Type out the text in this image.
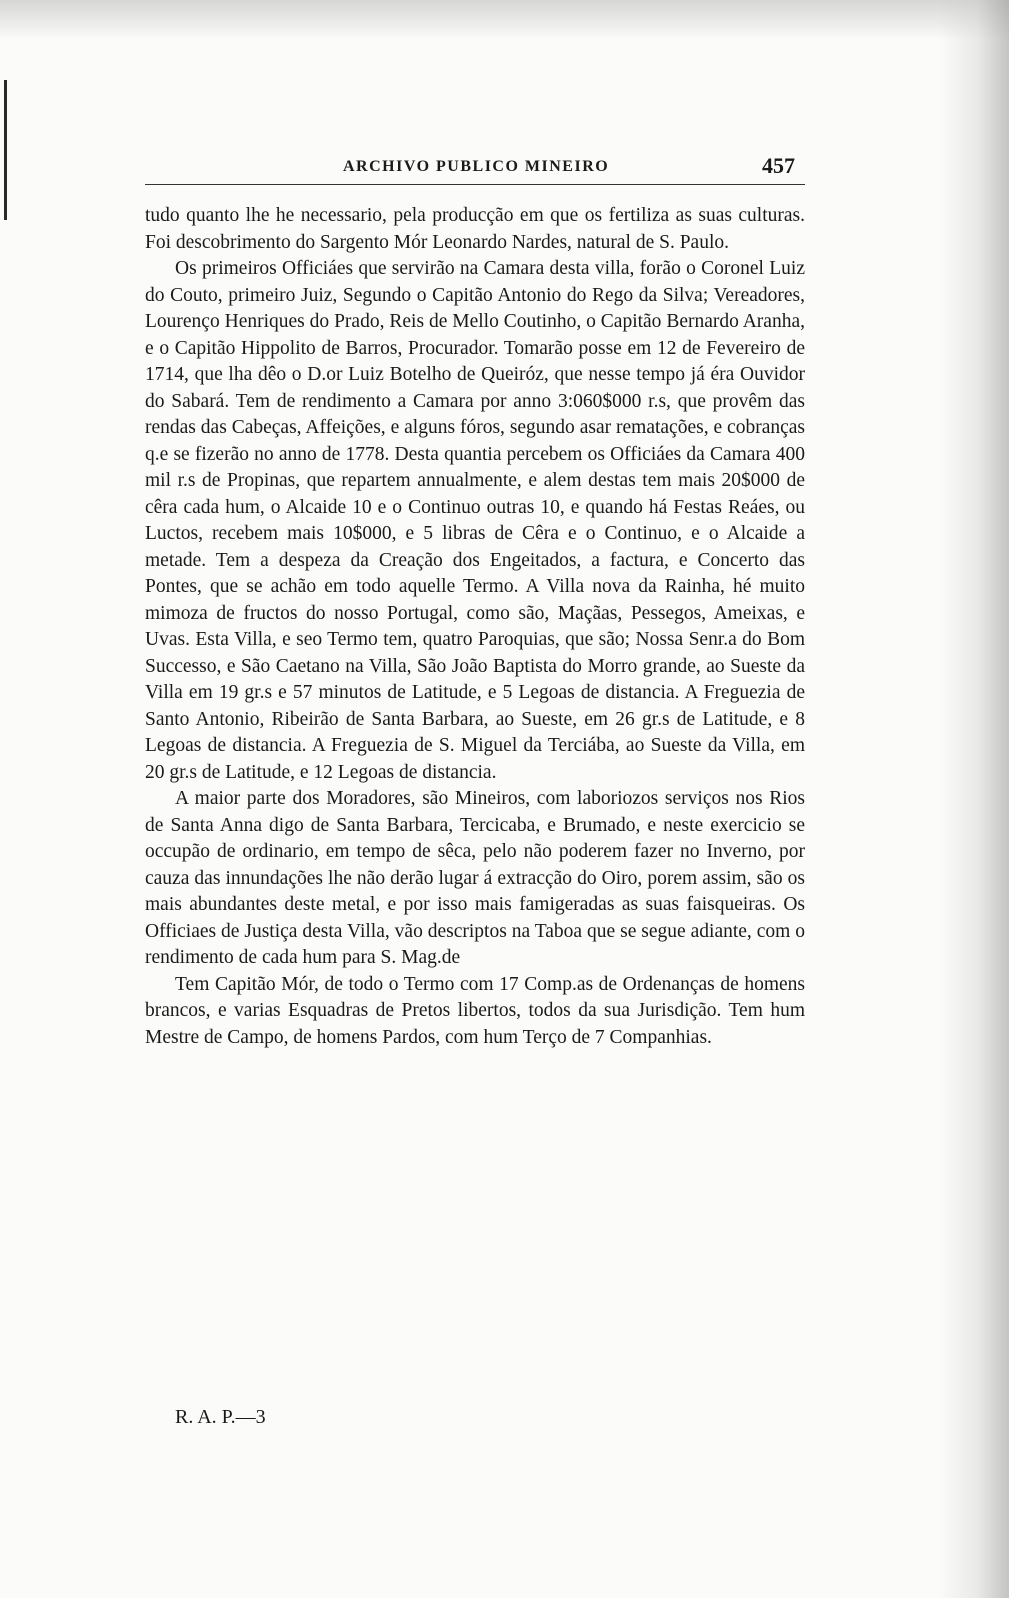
ARCHIVO PUBLICO MINEIRO	457

tudo quanto lhe he necessario, pela producção em que os fertiliza as suas culturas. Foi descobrimento do Sargento Mór Leonardo Nardes, natural de S. Paulo.

Os primeiros Officiáes que servirão na Camara desta villa, forão o Coronel Luiz do Couto, primeiro Juiz, Segundo o Capitão Antonio do Rego da Silva; Vereadores, Lourenço Henriques do Prado, Reis de Mello Coutinho, o Capitão Bernardo Aranha, e o Capitão Hippolito de Barros, Procurador. Tomarão posse em 12 de Fevereiro de 1714, que lha dêo o D.or Luiz Botelho de Queiróz, que nesse tempo já éra Ouvidor do Sabará. Tem de rendimento a Camara por anno 3:060$000 r.s, que provêm das rendas das Cabeças, Affeições, e alguns fóros, segundo asar rematações, e cobranças q.e se fizerão no anno de 1778. Desta quantia percebem os Officiáes da Camara 400 mil r.s de Propinas, que repartem annualmente, e alem destas tem mais 20$000 de cêra cada hum, o Alcaide 10 e o Continuo outras 10, e quando há Festas Reáes, ou Luctos, recebem mais 10$000, e 5 libras de Cêra e o Continuo, e o Alcaide a metade. Tem a despeza da Creação dos Engeitados, a factura, e Concerto das Pontes, que se achão em todo aquelle Termo. A Villa nova da Rainha, hé muito mimoza de fructos do nosso Portugal, como são, Maçãas, Pessegos, Ameixas, e Uvas. Esta Villa, e seo Termo tem, quatro Paroquias, que são; Nossa Senr.a do Bom Successo, e São Caetano na Villa, São João Baptista do Morro grande, ao Sueste da Villa em 19 gr.s e 57 minutos de Latitude, e 5 Legoas de distancia. A Freguezia de Santo Antonio, Ribeirão de Santa Barbara, ao Sueste, em 26 gr.s de Latitude, e 8 Legoas de distancia. A Freguezia de S. Miguel da Terciába, ao Sueste da Villa, em 20 gr.s de Latitude, e 12 Legoas de distancia.

A maior parte dos Moradores, são Mineiros, com laboriozos serviços nos Rios de Santa Anna digo de Santa Barbara, Tercicaba, e Brumado, e neste exercicio se occupão de ordinario, em tempo de sêca, pelo não poderem fazer no Inverno, por cauza das innundações lhe não derão lugar á extracção do Oiro, porem assim, são os mais abundantes deste metal, e por isso mais famigeradas as suas faisqueiras. Os Officiaes de Justiça desta Villa, vão descriptos na Taboa que se segue adiante, com o rendimento de cada hum para S. Mag.de

Tem Capitão Mór, de todo o Termo com 17 Comp.as de Ordenanças de homens brancos, e varias Esquadras de Pretos libertos, todos da sua Jurisdição. Tem hum Mestre de Campo, de homens Pardos, com hum Terço de 7 Companhias.

R. A. P.—3
